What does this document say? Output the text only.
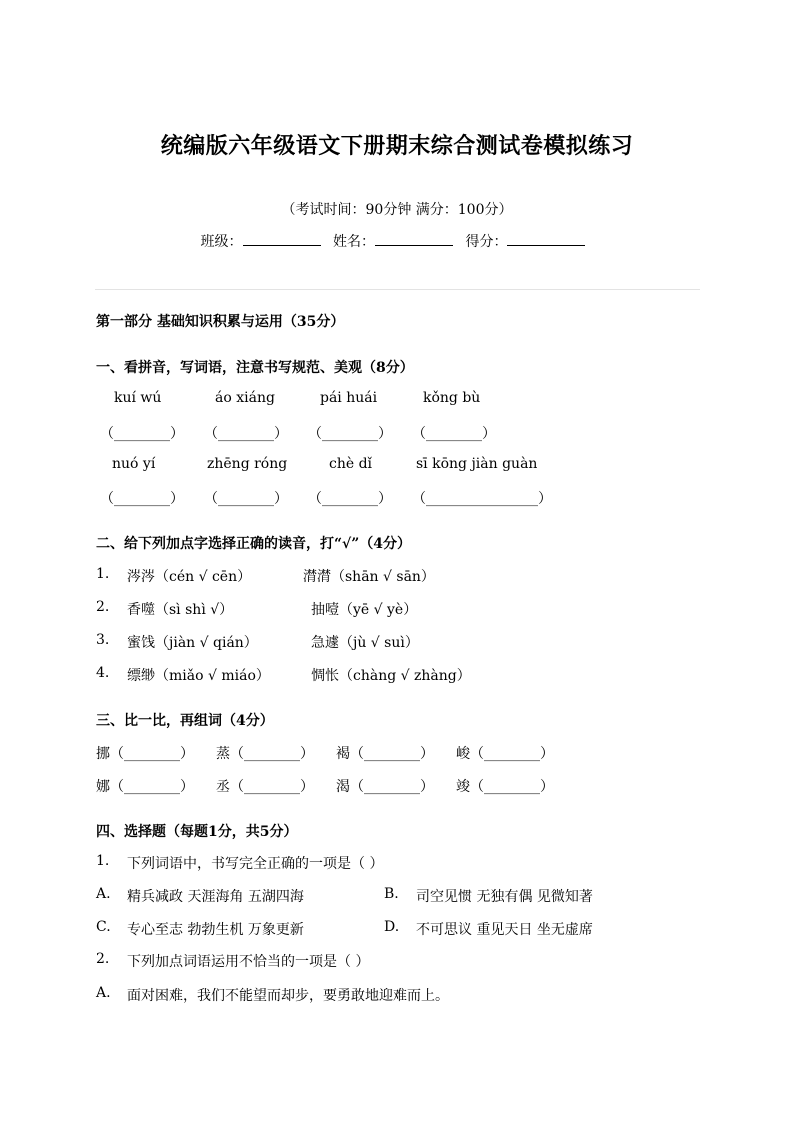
统编版六年级语文下册期末综合测试卷模拟练习
（考试时间：90分钟 满分：100分）
班级：	姓名：	得分：
第一部分 基础知识积累与运用（35分）
一、看拼音，写词语，注意书写规范、美观（8分）
kuí wú	áo xiáng	pái huái	kǒng bù
（________） （________） （________） （________）
nuó yí	zhēng róng	chè dǐ	sī kōng jiàn guàn
（________） （________） （________） （________________）
二、给下列加点字选择正确的读音，打“√”（4分）
1. 涔涔（cén √ cēn）	潸潸（shān √ sān）
2. 香噬（sì shì √）	抽噎（yē √ yè）
3. 蜜饯（jiàn √ qián）	急遽（jù √ suì）
4. 缥缈（miǎo √ miáo）	惆怅（chàng √ zhàng）
三、比一比，再组词（4分）
挪（________） 蒸（________） 褐（________） 峻（________）
娜（________） 丞（________） 渴（________） 竣（________）
四、选择题（每题1分，共5分）
1. 下列词语中，书写完全正确的一项是（ ）
A. 精兵减政 天涯海角 五湖四海	B. 司空见惯 无独有偶 见微知著
C. 专心至志 勃勃生机 万象更新	D. 不可思议 重见天日 坐无虚席
2. 下列加点词语运用不恰当的一项是（ ）
A. 面对困难，我们不能望而却步，要勇敢地迎难而上。
